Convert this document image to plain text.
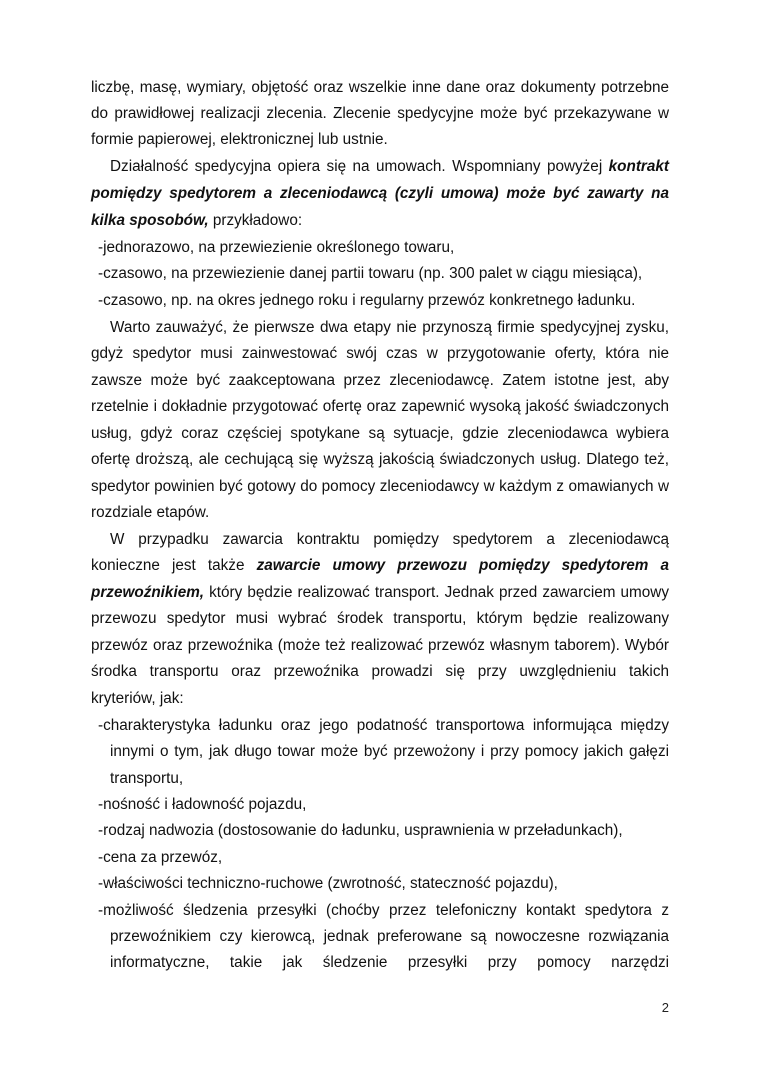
liczbę, masę, wymiary, objętość oraz wszelkie inne dane oraz dokumenty potrzebne
do prawidłowej realizacji zlecenia. Zlecenie spedycyjne może być przekazywane w
formie papierowej, elektronicznej lub ustnie.
Działalność spedycyjna opiera się na umowach. Wspomniany powyżej kontrakt
pomiędzy spedytorem a zleceniodawcą (czyli umowa) może być zawarty na
kilka sposobów, przykładowo:
-jednorazowo, na przewiezienie określonego towaru,
-czasowo, na przewiezienie danej partii towaru (np. 300 palet w ciągu miesiąca),
-czasowo, np. na okres jednego roku i regularny przewóz konkretnego ładunku.
Warto zauważyć, że pierwsze dwa etapy nie przynoszą firmie spedycyjnej zysku,
gdyż spedytor musi zainwestować swój czas w przygotowanie oferty, która nie
zawsze może być zaakceptowana przez zleceniodawcę. Zatem istotne jest, aby
rzetelnie i dokładnie przygotować ofertę oraz zapewnić wysoką jakość świadczonych
usług, gdyż coraz częściej spotykane są sytuacje, gdzie zleceniodawca wybiera
ofertę droższą, ale cechującą się wyższą jakością świadczonych usług. Dlatego też,
spedytor powinien być gotowy do pomocy zleceniodawcy w każdym z omawianych w
rozdziale etapów.
W przypadku zawarcia kontraktu pomiędzy spedytorem a zleceniodawcą
konieczne jest także zawarcie umowy przewozu pomiędzy spedytorem a
przewoźnikiem, który będzie realizować transport. Jednak przed zawarciem umowy
przewozu spedytor musi wybrać środek transportu, którym będzie realizowany
przewóz oraz przewoźnika (może też realizować przewóz własnym taborem). Wybór
środka transportu oraz przewoźnika prowadzi się przy uwzględnieniu takich
kryteriów, jak:
-charakterystyka ładunku oraz jego podatność transportowa informująca między
innymi o tym, jak długo towar może być przewożony i przy pomocy jakich gałęzi
transportu,
-nośność i ładowność pojazdu,
-rodzaj nadwozia (dostosowanie do ładunku, usprawnienia w przeładunkach),
-cena za przewóz,
-właściwości techniczno-ruchowe (zwrotność, stateczność pojazdu),
-możliwość śledzenia przesyłki (choćby przez telefoniczny kontakt spedytora z
przewoźnikiem czy kierowcą, jednak preferowane są nowoczesne rozwiązania
informatyczne, takie jak śledzenie przesyłki przy pomocy narzędzi
2
